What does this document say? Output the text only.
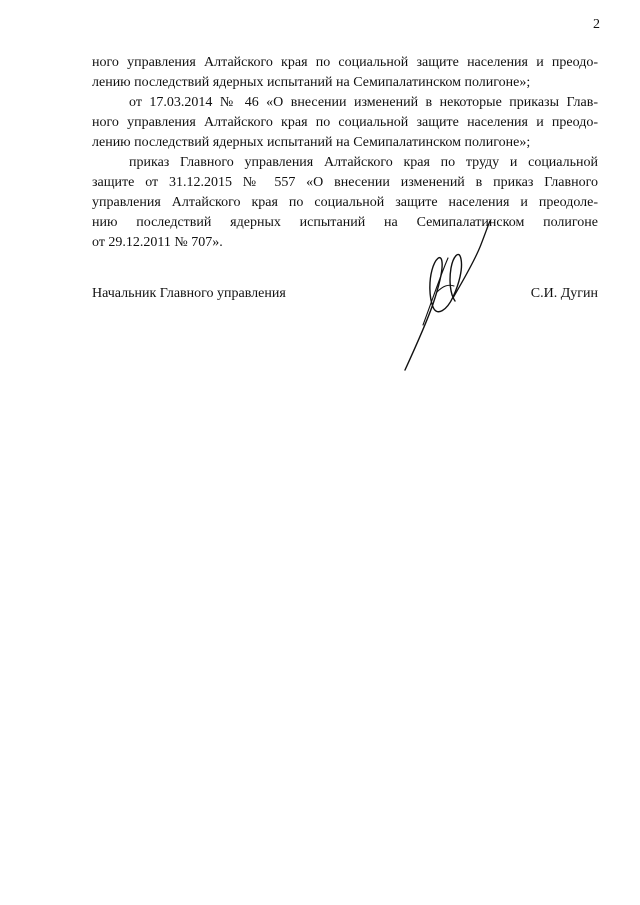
2
ного управления Алтайского края по социальной защите населения и преодо-
лению последствий ядерных испытаний на Семипалатинском полигоне»;
от 17.03.2014 № 46 «О внесении изменений в некоторые приказы Глав-
ного управления Алтайского края по социальной защите населения и преодо-
лению последствий ядерных испытаний на Семипалатинском полигоне»;
приказ Главного управления Алтайского края по труду и социальной
защите от 31.12.2015 № 557 «О внесении изменений в приказ Главного
управления Алтайского края по социальной защите населения и преодоле-
нию последствий ядерных испытаний на Семипалатинском полигоне
от 29.12.2011 № 707».
Начальник Главного управления	С.И. Дугин
